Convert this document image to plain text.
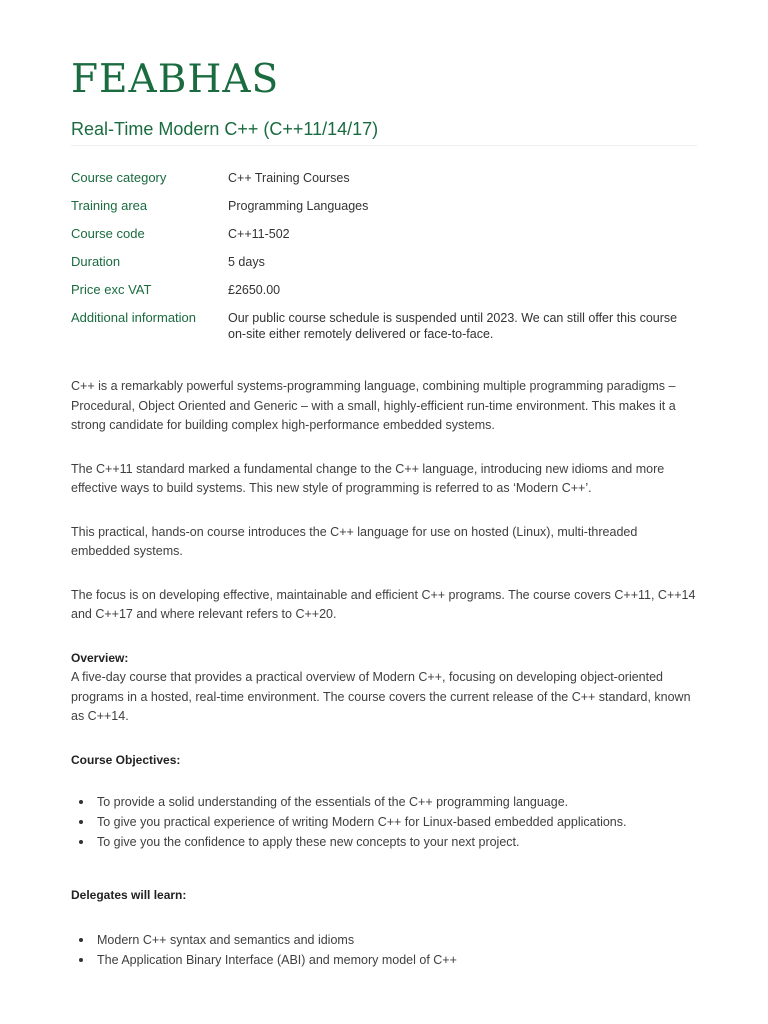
FEABHAS
Real-Time Modern C++ (C++11/14/17)
Course category	C++ Training Courses
Training area	Programming Languages
Course code	C++11-502
Duration	5 days
Price exc VAT	£2650.00
Additional information	Our public course schedule is suspended until 2023. We can still offer this course on-site either remotely delivered or face-to-face.

C++ is a remarkably powerful systems-programming language, combining multiple programming paradigms – Procedural, Object Oriented and Generic – with a small, highly-efficient run-time environment. This makes it a strong candidate for building complex high-performance embedded systems.

The C++11 standard marked a fundamental change to the C++ language, introducing new idioms and more effective ways to build systems. This new style of programming is referred to as ‘Modern C++’.

This practical, hands-on course introduces the C++ language for use on hosted (Linux), multi-threaded embedded systems.

The focus is on developing effective, maintainable and efficient C++ programs. The course covers C++11, C++14 and C++17 and where relevant refers to C++20.

Overview:
A five-day course that provides a practical overview of Modern C++, focusing on developing object-oriented programs in a hosted, real-time environment. The course covers the current release of the C++ standard, known as C++14.
Course Objectives:
To provide a solid understanding of the essentials of the C++ programming language.
To give you practical experience of writing Modern C++ for Linux-based embedded applications.
To give you the confidence to apply these new concepts to your next project.
Delegates will learn:
Modern C++ syntax and semantics and idioms
The Application Binary Interface (ABI) and memory model of C++
